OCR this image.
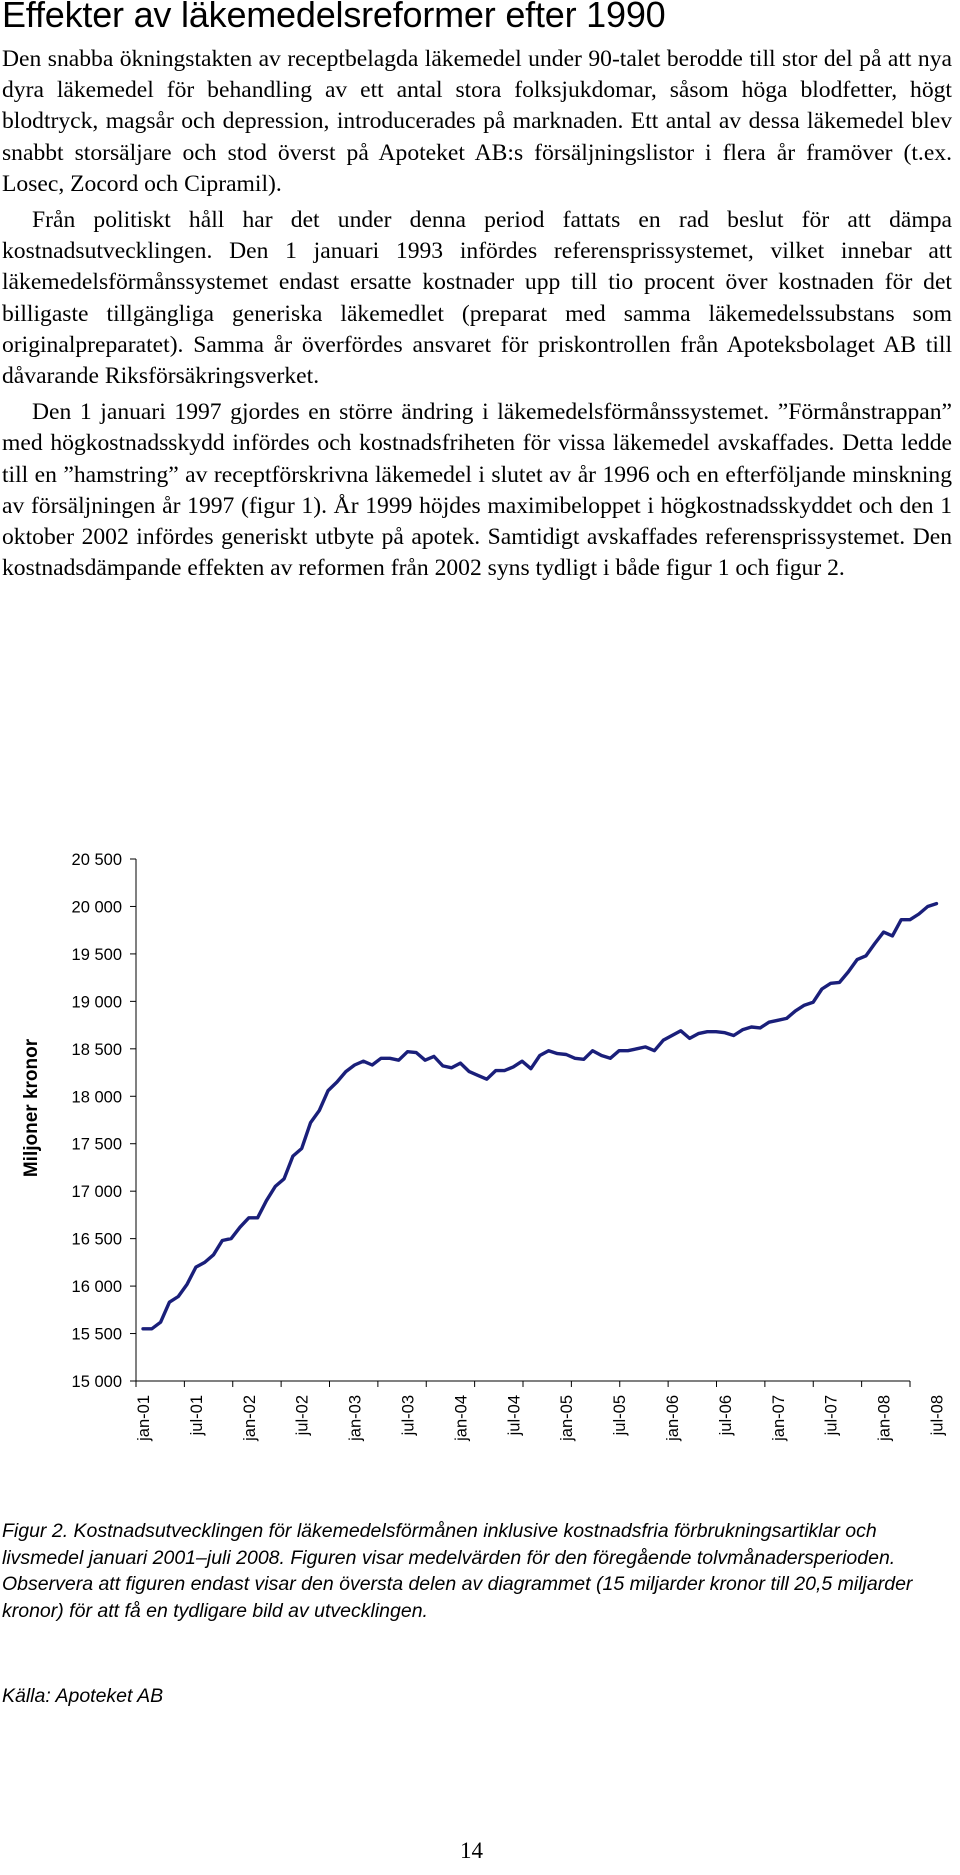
Effekter av läkemedelsreformer efter 1990

Den snabba ökningstakten av receptbelagda läkemedel under 90-talet berodde till stor del på att nya dyra läkemedel för behandling av ett antal stora folksjukdomar, såsom höga blodfetter, högt blodtryck, magsår och depression, introducerades på marknaden. Ett antal av dessa läkemedel blev snabbt storsäljare och stod överst på Apoteket AB:s försäljningslistor i flera år framöver (t.ex. Losec, Zocord och Cipramil).

Från politiskt håll har det under denna period fattats en rad beslut för att dämpa kostnadsutvecklingen. Den 1 januari 1993 infördes referensprissystemet, vilket innebar att läkemedelsförmånssystemet endast ersatte kostnader upp till tio procent över kostnaden för det billigaste tillgängliga generiska läkemedlet (preparat med samma läkemedelssubstans som originalpreparatet). Samma år överfördes ansvaret för priskontrollen från Apoteksbolaget AB till dåvarande Riksförsäkringsverket.

Den 1 januari 1997 gjordes en större ändring i läkemedelsförmånssystemet. ”Förmånstrappan” med högkostnadsskydd infördes och kostnadsfriheten för vissa läkemedel avskaffades. Detta ledde till en ”hamstring” av receptförskrivna läkemedel i slutet av år 1996 och en efterföljande minskning av försäljningen år 1997 (figur 1). År 1999 höjdes maximibeloppet i högkostnadsskyddet och den 1 oktober 2002 infördes generiskt utbyte på apotek. Samtidigt avskaffades referensprissystemet. Den kostnadsdämpande effekten av reformen från 2002 syns tydligt i både figur 1 och figur 2.

15 000
15 500
16 000
16 500
17 000
17 500
18 000
18 500
19 000
19 500
20 000
20 500
jan-01 jul-01 jan-02 jul-02 jan-03 jul-03 jan-04 jul-04 jan-05 jul-05 jan-06 jul-06 jan-07 jul-07 jan-08 jul-08
Miljoner kronor
Figur 2. Kostnadsutvecklingen för läkemedelsförmånen inklusive kostnadsfria förbrukningsartiklar och livsmedel januari 2001–juli 2008. Figuren visar medelvärden för den föregående tolvmånadersperioden. Observera att figuren endast visar den översta delen av diagrammet (15 miljarder kronor till 20,5 miljarder kronor) för att få en tydligare bild av utvecklingen.
Källa: Apoteket AB
14
